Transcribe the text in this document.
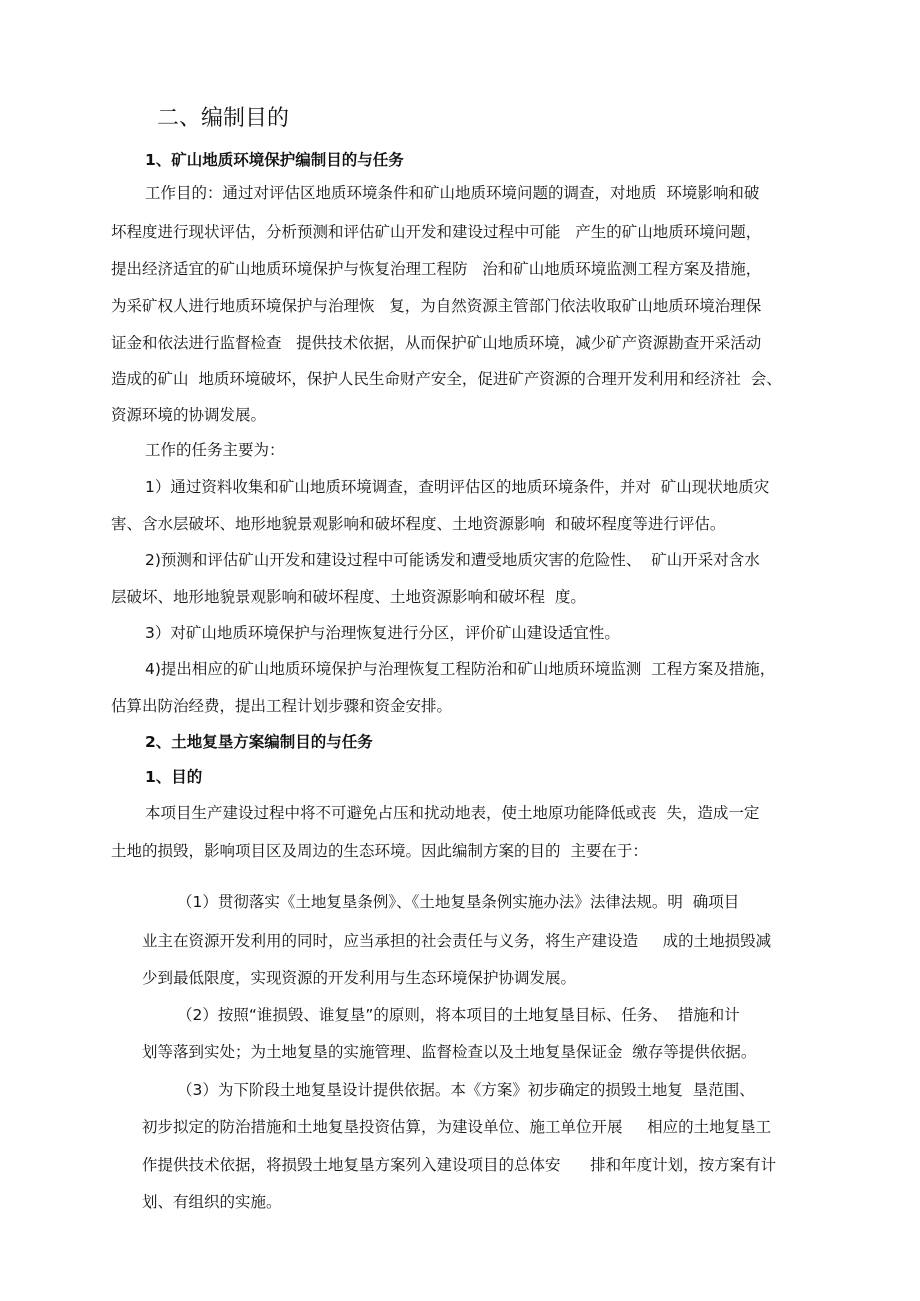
二、编制目的
1、矿山地质环境保护编制目的与任务
工作目的：通过对评估区地质环境条件和矿山地质环境问题的调查，对地质  环境影响和破
坏程度进行现状评估，分析预测和评估矿山开发和建设过程中可能   产生的矿山地质环境问题，
提出经济适宜的矿山地质环境保护与恢复治理工程防   治和矿山地质环境监测工程方案及措施，
为采矿权人进行地质环境保护与治理恢   复，为自然资源主管部门依法收取矿山地质环境治理保
证金和依法进行监督检查   提供技术依据，从而保护矿山地质环境，减少矿产资源勘查开采活动
造成的矿山  地质环境破坏，保护人民生命财产安全，促进矿产资源的合理开发利用和经济社  会、
资源环境的协调发展。
工作的任务主要为：
1）通过资料收集和矿山地质环境调查，查明评估区的地质环境条件，并对  矿山现状地质灾
害、含水层破坏、地形地貌景观影响和破坏程度、土地资源影响  和破坏程度等进行评估。
2)预测和评估矿山开发和建设过程中可能诱发和遭受地质灾害的危险性、  矿山开采对含水
层破坏、地形地貌景观影响和破坏程度、土地资源影响和破坏程  度。
3）对矿山地质环境保护与治理恢复进行分区，评价矿山建设适宜性。
4)提出相应的矿山地质环境保护与治理恢复工程防治和矿山地质环境监测  工程方案及措施，
估算出防治经费，提出工程计划步骤和资金安排。
2、土地复垦方案编制目的与任务
1、目的
本项目生产建设过程中将不可避免占压和扰动地表，使土地原功能降低或丧  失，造成一定
土地的损毁，影响项目区及周边的生态环境。因此编制方案的目的  主要在于：
（1）贯彻落实《土地复垦条例》、《土地复垦条例实施办法》法律法规。明  确项目
业主在资源开发利用的同时，应当承担的社会责任与义务，将生产建设造     成的土地损毁减
少到最低限度，实现资源的开发利用与生态环境保护协调发展。
（2）按照“谁损毁、谁复垦”的原则，将本项目的土地复垦目标、任务、  措施和计
划等落到实处；为土地复垦的实施管理、监督检查以及土地复垦保证金  缴存等提供依据。
（3）为下阶段土地复垦设计提供依据。本《方案》初步确定的损毁土地复  垦范围、
初步拟定的防治措施和土地复垦投资估算，为建设单位、施工单位开展     相应的土地复垦工
作提供技术依据，将损毁土地复垦方案列入建设项目的总体安      排和年度计划，按方案有计
划、有组织的实施。
